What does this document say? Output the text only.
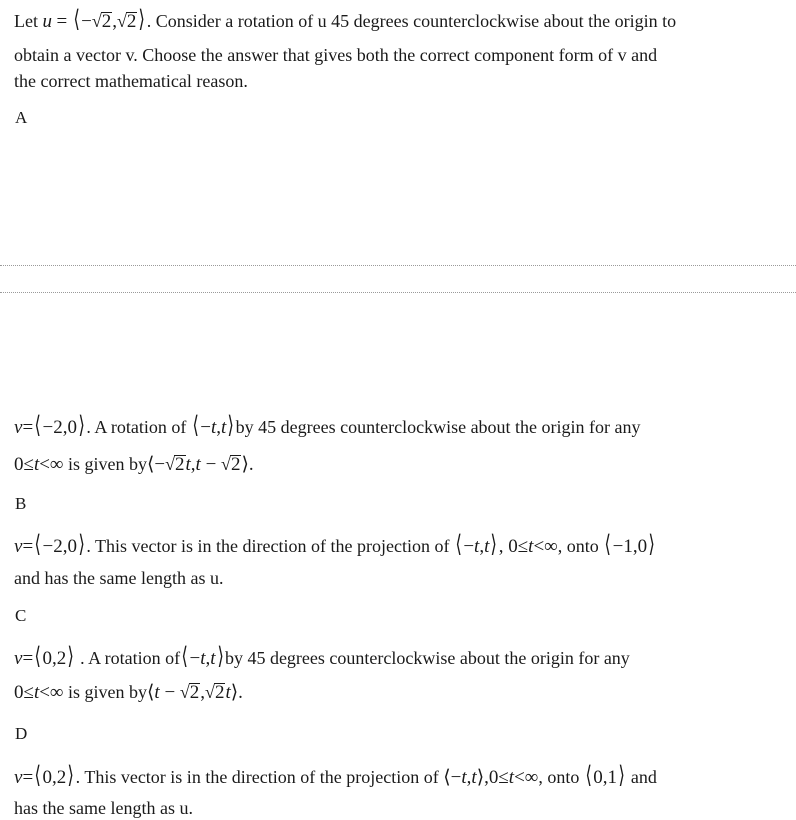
Let u = ⟨−√2,√2 ⟩. Consider a rotation of u 45 degrees counterclockwise about the origin to
obtain a vector v. Choose the answer that gives both the correct component form of v and
the correct mathematical reason.
A
v=⟨−2,0⟩. A rotation of ⟨−t,t⟩by 45 degrees counterclockwise about the origin for any
0≤t<∞ is given by⟨−√2t,t − √2⟩.
B
v=⟨−2,0⟩. This vector is in the direction of the projection of ⟨−t,t⟩, 0≤t<∞, onto ⟨−1,0⟩
and has the same length as u.
C
v=⟨0,2⟩ . A rotation of⟨−t,t⟩by 45 degrees counterclockwise about the origin for any
0≤t<∞ is given by⟨t − √2,√2t⟩.
D
v=⟨0,2⟩. This vector is in the direction of the projection of ⟨−t,t⟩,0≤t<∞, onto ⟨0,1⟩ and
has the same length as u.
